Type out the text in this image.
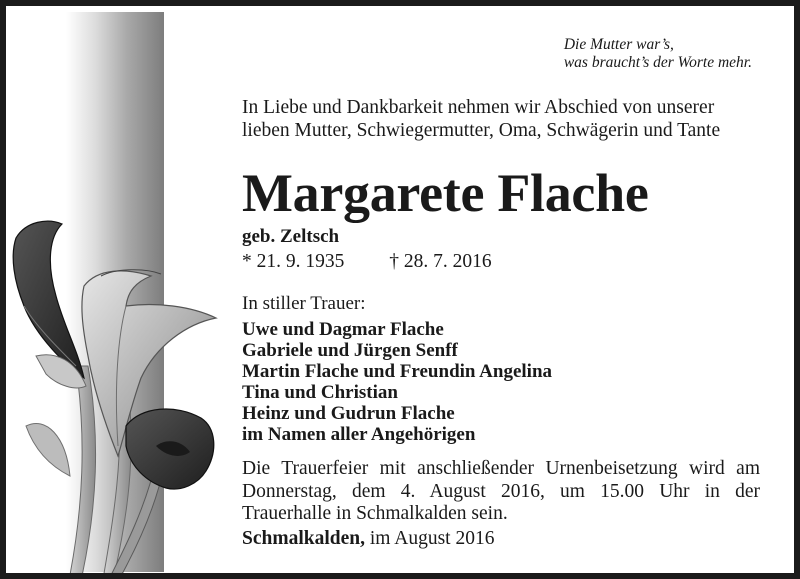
Die Mutter war’s,
was braucht’s der Worte mehr.
In Liebe und Dankbarkeit nehmen wir Abschied von unserer
lieben Mutter, Schwiegermutter, Oma, Schwägerin und Tante
Margarete Flache
geb. Zeltsch
* 21. 9. 1935 † 28. 7. 2016
In stiller Trauer:
Uwe und Dagmar Flache
Gabriele und Jürgen Senff
Martin Flache und Freundin Angelina
Tina und Christian
Heinz und Gudrun Flache
im Namen aller Angehörigen
Die Trauerfeier mit anschließender Urnenbeisetzung wird am
Donnerstag, dem 4. August 2016, um 15.00 Uhr in der
Trauerhalle in Schmalkalden sein.
Schmalkalden, im August 2016
